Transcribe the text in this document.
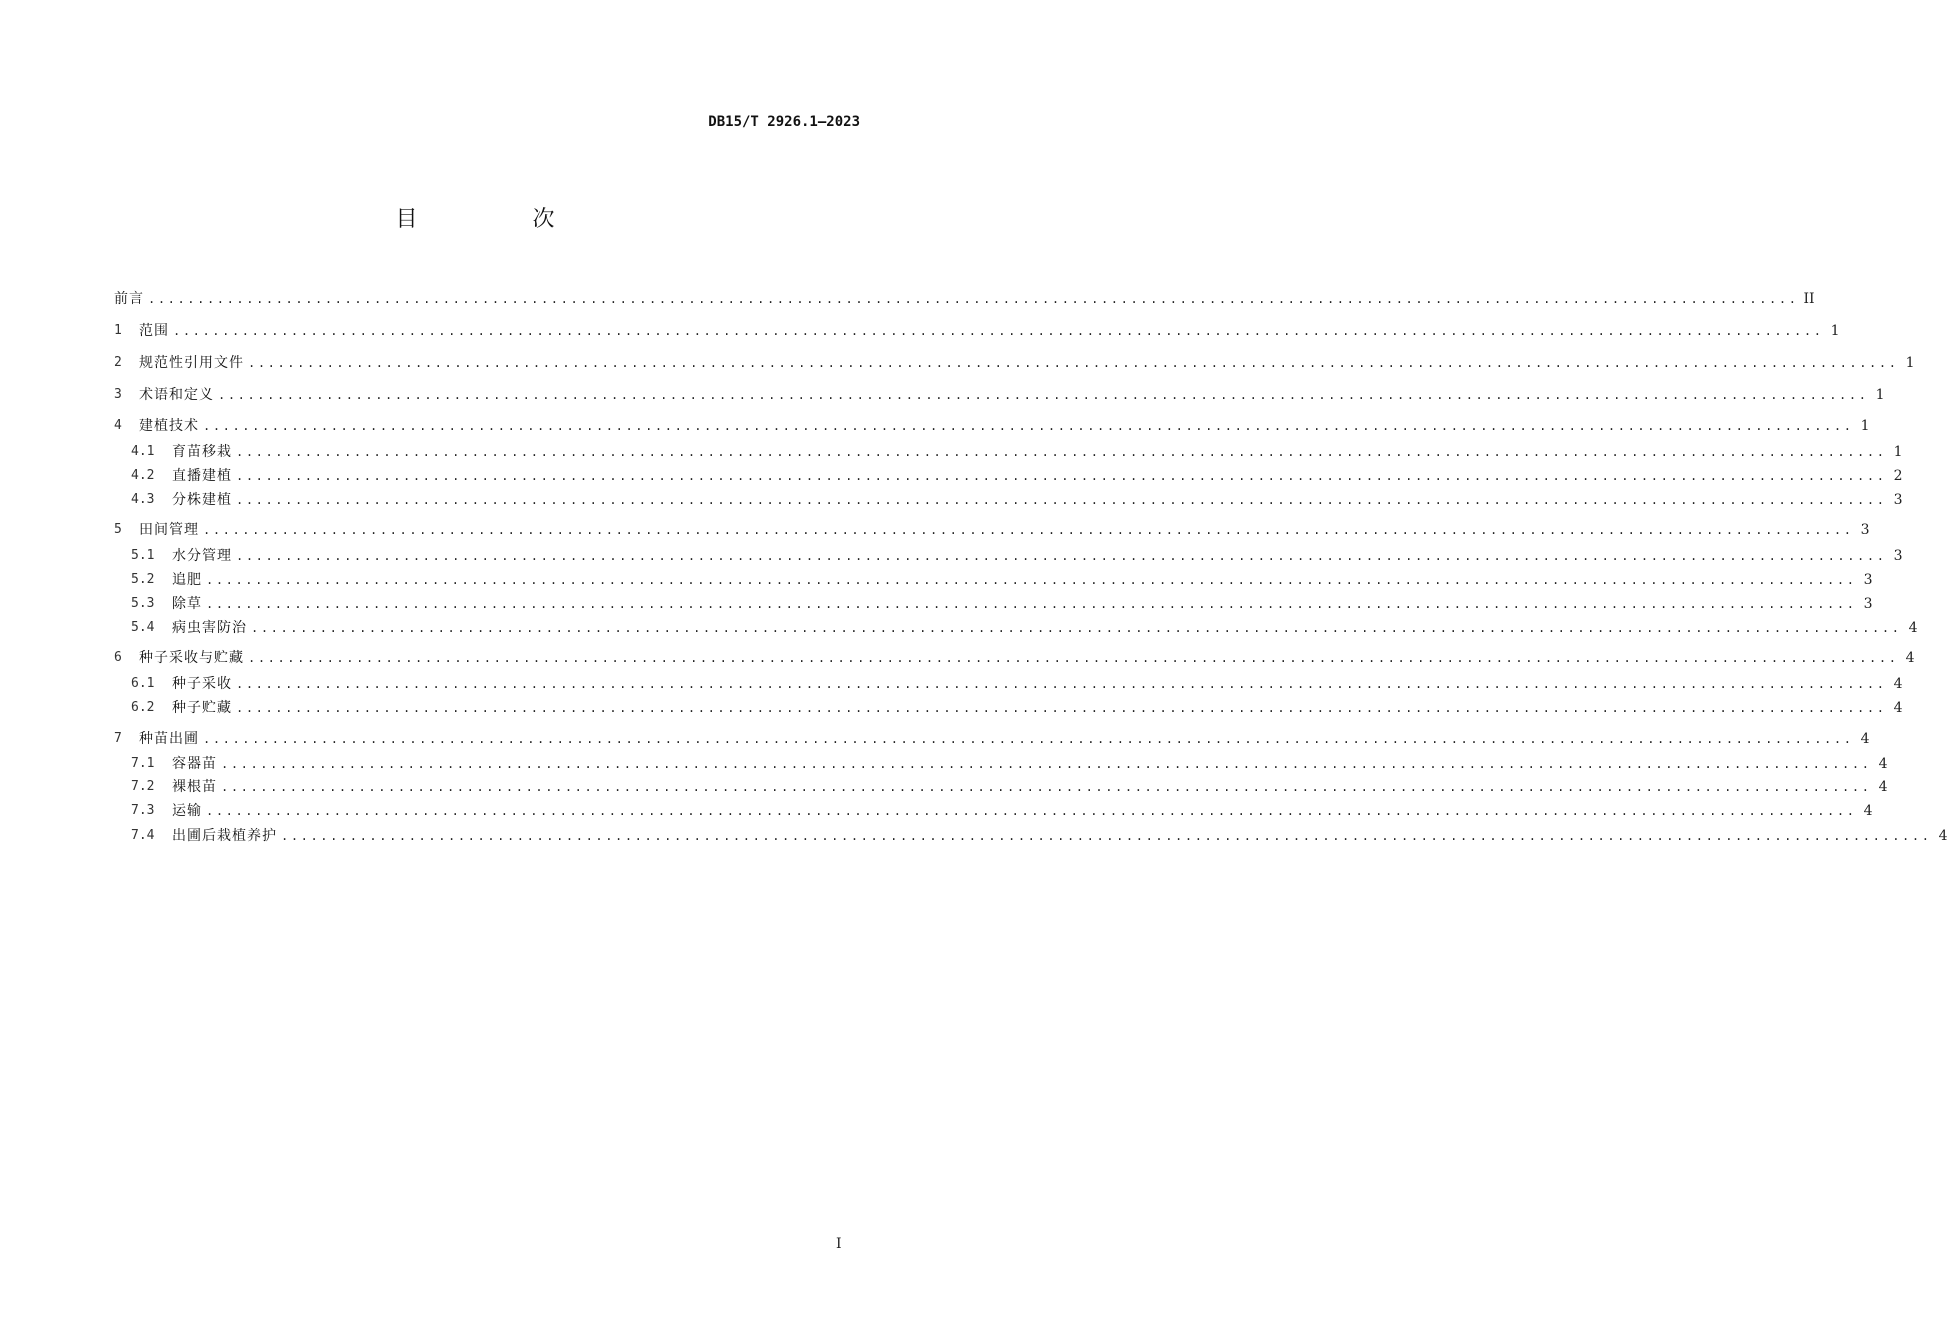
DB15/T 2926.1—2023
目 次
前言 ........................................................................................................................................................................ II
1	范围 ........................................................................................................................................................................ 1
2	规范性引用文件 ........................................................................................................................................................................ 1
3	术语和定义 ........................................................................................................................................................................ 1
4	建植技术 ........................................................................................................................................................................ 1
4.1	育苗移栽 ........................................................................................................................................................................ 1
4.2	直播建植 ........................................................................................................................................................................ 2
4.3	分株建植 ........................................................................................................................................................................ 3
5	田间管理 ........................................................................................................................................................................ 3
5.1	水分管理 ........................................................................................................................................................................ 3
5.2	追肥 ........................................................................................................................................................................ 3
5.3	除草 ........................................................................................................................................................................ 3
5.4	病虫害防治 ........................................................................................................................................................................ 4
6	种子采收与贮藏 ........................................................................................................................................................................ 4
6.1	种子采收 ........................................................................................................................................................................ 4
6.2	种子贮藏 ........................................................................................................................................................................ 4
7	种苗出圃 ........................................................................................................................................................................ 4
7.1	容器苗 ........................................................................................................................................................................ 4
7.2	裸根苗 ........................................................................................................................................................................ 4
7.3	运输 ........................................................................................................................................................................ 4
7.4	出圃后栽植养护 ........................................................................................................................................................................ 4
I
